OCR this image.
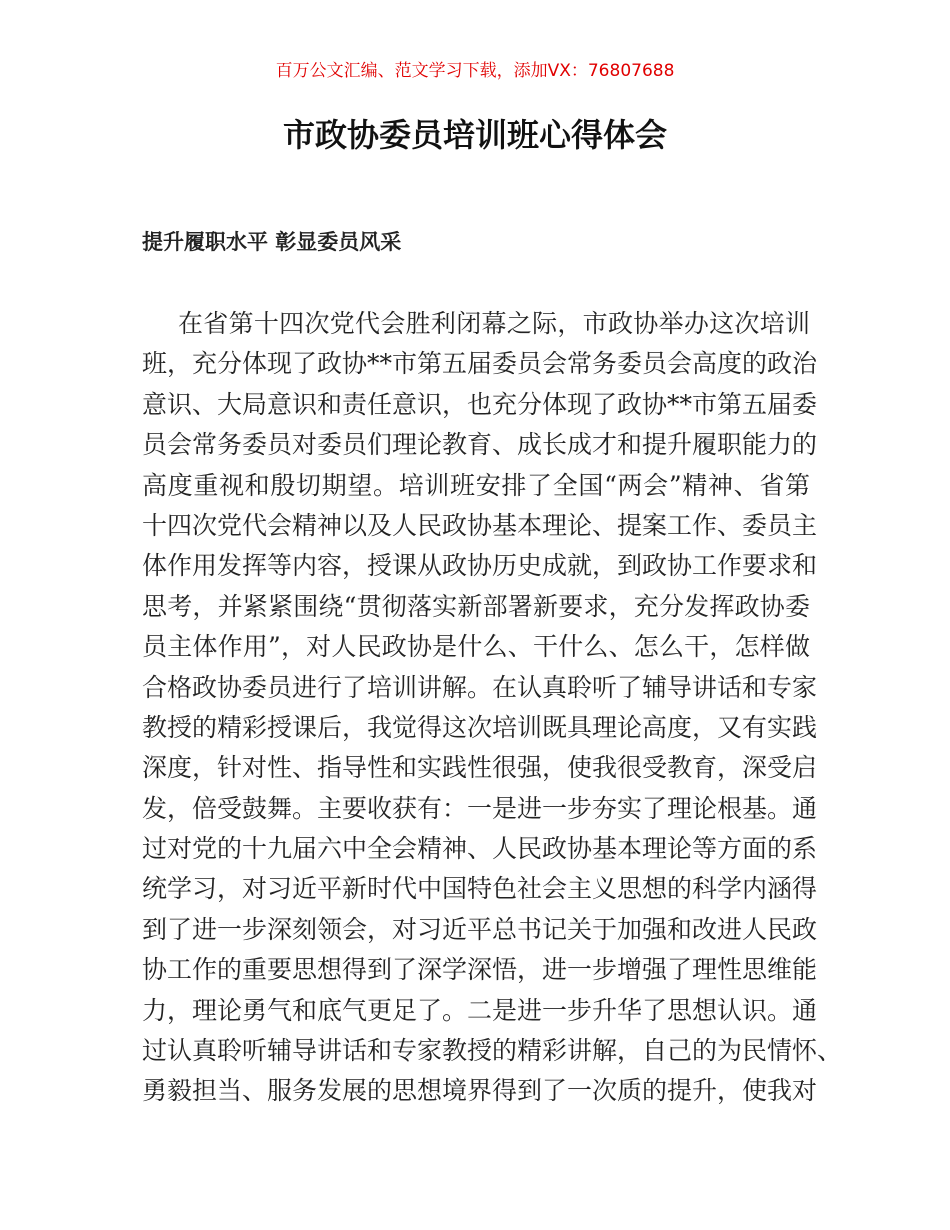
百万公文汇编、范文学习下载，添加VX：76807688
市政协委员培训班心得体会
提升履职水平 彰显委员风采
在省第十四次党代会胜利闭幕之际，市政协举办这次培训
班，充分体现了政协**市第五届委员会常务委员会高度的政治
意识、大局意识和责任意识，也充分体现了政协**市第五届委
员会常务委员对委员们理论教育、成长成才和提升履职能力的
高度重视和殷切期望。培训班安排了全国“两会”精神、省第
十四次党代会精神以及人民政协基本理论、提案工作、委员主
体作用发挥等内容，授课从政协历史成就，到政协工作要求和
思考，并紧紧围绕“贯彻落实新部署新要求，充分发挥政协委
员主体作用”，对人民政协是什么、干什么、怎么干，怎样做
合格政协委员进行了培训讲解。在认真聆听了辅导讲话和专家
教授的精彩授课后，我觉得这次培训既具理论高度，又有实践
深度，针对性、指导性和实践性很强，使我很受教育，深受启
发，倍受鼓舞。主要收获有：一是进一步夯实了理论根基。通
过对党的十九届六中全会精神、人民政协基本理论等方面的系
统学习，对习近平新时代中国特色社会主义思想的科学内涵得
到了进一步深刻领会，对习近平总书记关于加强和改进人民政
协工作的重要思想得到了深学深悟，进一步增强了理性思维能
力，理论勇气和底气更足了。二是进一步升华了思想认识。通
过认真聆听辅导讲话和专家教授的精彩讲解，自己的为民情怀、
勇毅担当、服务发展的思想境界得到了一次质的提升，使我对
